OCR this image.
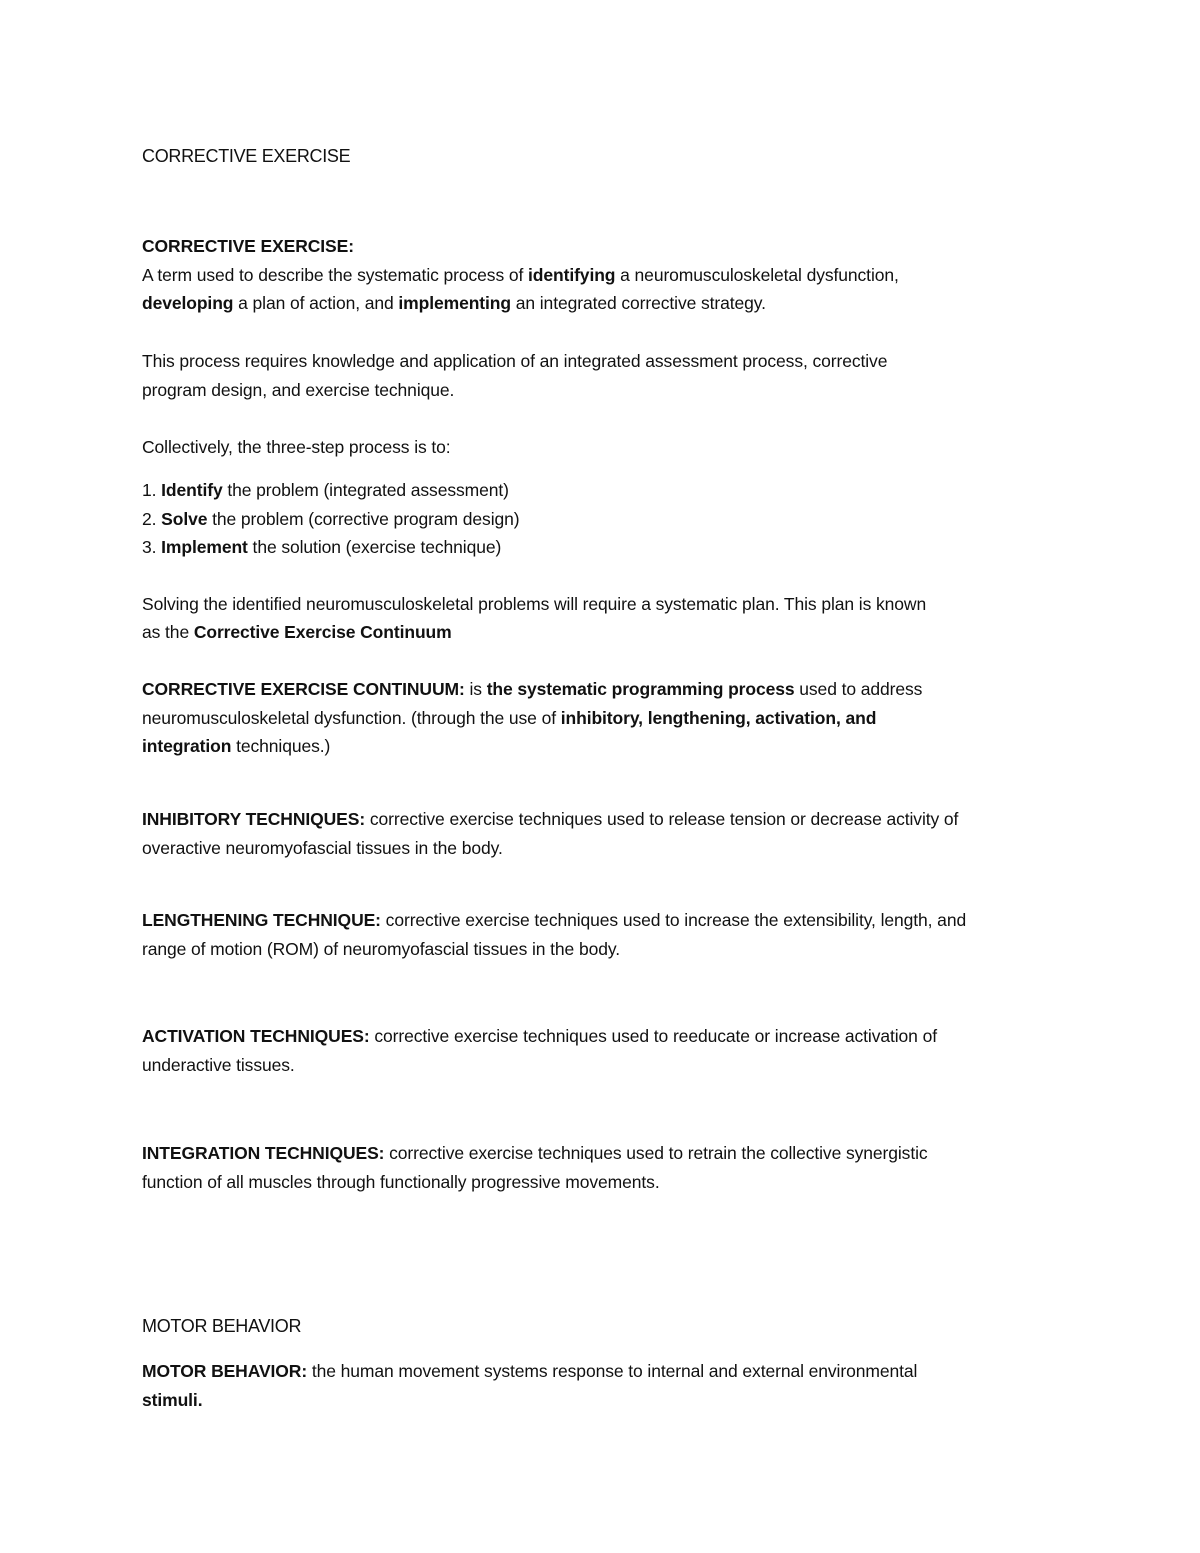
CORRECTIVE EXERCISE
CORRECTIVE EXERCISE:
A term used to describe the systematic process of identifying a neuromusculoskeletal dysfunction,
developing a plan of action, and implementing an integrated corrective strategy.
This process requires knowledge and application of an integrated assessment process, corrective
program design, and exercise technique.
Collectively, the three-step process is to:
1. Identify the problem (integrated assessment)
2. Solve the problem (corrective program design)
3. Implement the solution (exercise technique)
Solving the identified neuromusculoskeletal problems will require a systematic plan. This plan is known
as the Corrective Exercise Continuum
CORRECTIVE EXERCISE CONTINUUM: is the systematic programming process used to address
neuromusculoskeletal dysfunction. (through the use of inhibitory, lengthening, activation, and
integration techniques.)
INHIBITORY TECHNIQUES: corrective exercise techniques used to release tension or decrease activity of
overactive neuromyofascial tissues in the body.
LENGTHENING TECHNIQUE: corrective exercise techniques used to increase the extensibility, length, and
range of motion (ROM) of neuromyofascial tissues in the body.
ACTIVATION TECHNIQUES: corrective exercise techniques used to reeducate or increase activation of
underactive tissues.
INTEGRATION TECHNIQUES: corrective exercise techniques used to retrain the collective synergistic
function of all muscles through functionally progressive movements.
MOTOR BEHAVIOR
MOTOR BEHAVIOR: the human movement systems response to internal and external environmental
stimuli.
